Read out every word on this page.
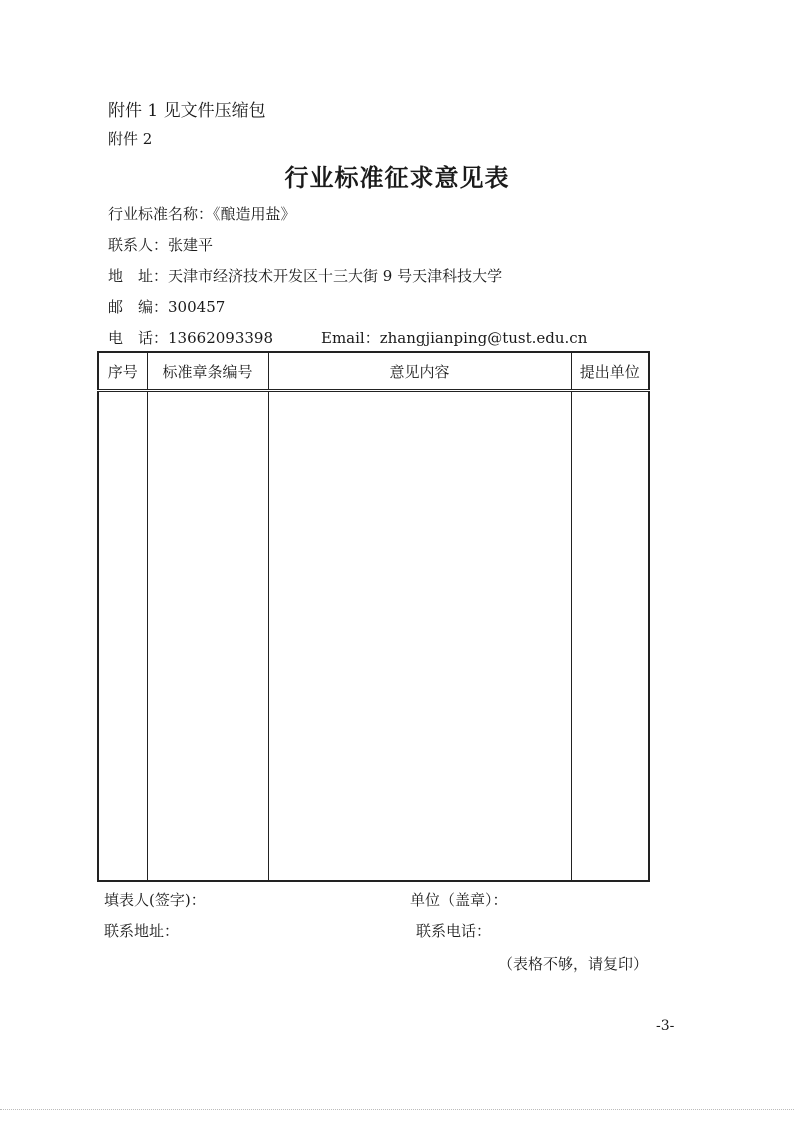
附件 1 见文件压缩包
附件 2
行业标准征求意见表
行业标准名称：《酿造用盐》
联系人：张建平
地　址：天津市经济技术开发区十三大街 9 号天津科技大学
邮　编：300457
电　话：13662093398	Email：zhangjianping@tust.edu.cn
序号	标准章条编号	意见内容	提出单位

填表人(签字)：	单位（盖章）：
联系地址：	联系电话：
（表格不够，请复印）
-3-
